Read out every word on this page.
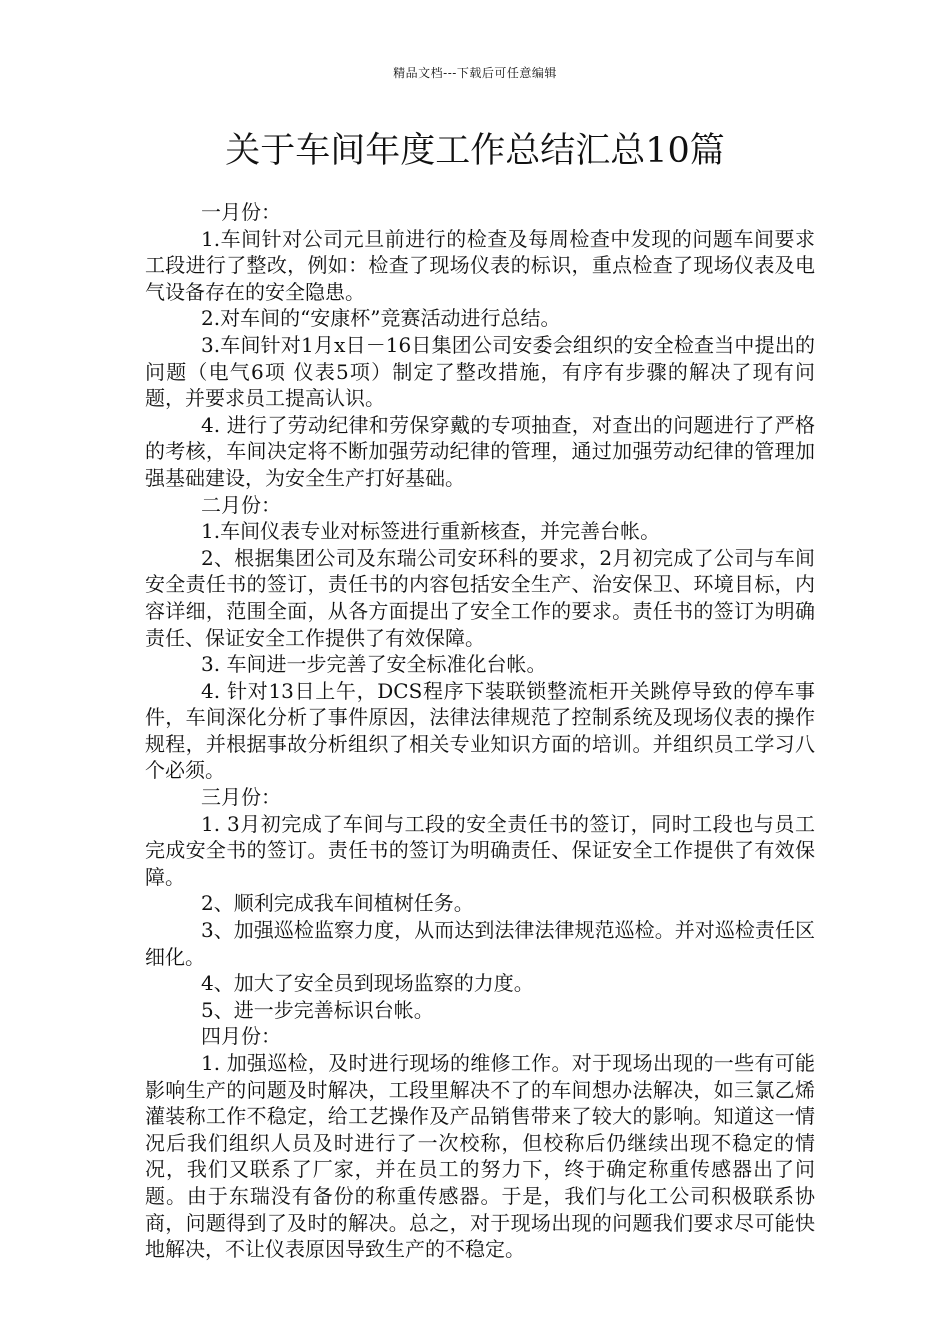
精品文档---下载后可任意编辑
关于车间年度工作总结汇总10篇

一月份：

1.车间针对公司元旦前进行的检查及每周检查中发现的问题车间要求工段进行了整改，例如：检查了现场仪表的标识，重点检查了现场仪表及电气设备存在的安全隐患。

2.对车间的“安康杯”竞赛活动进行总结。

3.车间针对1月x日－16日集团公司安委会组织的安全检查当中提出的问题（电气6项 仪表5项）制定了整改措施，有序有步骤的解决了现有问题，并要求员工提高认识。

4. 进行了劳动纪律和劳保穿戴的专项抽查，对查出的问题进行了严格的考核，车间决定将不断加强劳动纪律的管理，通过加强劳动纪律的管理加强基础建设，为安全生产打好基础。

二月份：

1.车间仪表专业对标签进行重新核查，并完善台帐。

2、根据集团公司及东瑞公司安环科的要求，2月初完成了公司与车间安全责任书的签订，责任书的内容包括安全生产、治安保卫、环境目标，内容详细，范围全面，从各方面提出了安全工作的要求。责任书的签订为明确责任、保证安全工作提供了有效保障。

3. 车间进一步完善了安全标准化台帐。

4. 针对13日上午，DCS程序下装联锁整流柜开关跳停导致的停车事件，车间深化分析了事件原因，法律法律规范了控制系统及现场仪表的操作规程，并根据事故分析组织了相关专业知识方面的培训。并组织员工学习八个必须。

三月份：

1. 3月初完成了车间与工段的安全责任书的签订，同时工段也与员工完成安全书的签订。责任书的签订为明确责任、保证安全工作提供了有效保障。

2、顺利完成我车间植树任务。

3、加强巡检监察力度，从而达到法律法律规范巡检。并对巡检责任区细化。

4、加大了安全员到现场监察的力度。

5、进一步完善标识台帐。

四月份：

1. 加强巡检，及时进行现场的维修工作。对于现场出现的一些有可能影响生产的问题及时解决，工段里解决不了的车间想办法解决，如三氯乙烯灌装称工作不稳定，给工艺操作及产品销售带来了较大的影响。知道这一情况后我们组织人员及时进行了一次校称，但校称后仍继续出现不稳定的情况，我们又联系了厂家，并在员工的努力下，终于确定称重传感器出了问题。由于东瑞没有备份的称重传感器。于是，我们与化工公司积极联系协商，问题得到了及时的解决。总之，对于现场出现的问题我们要求尽可能快地解决，不让仪表原因导致生产的不稳定。
